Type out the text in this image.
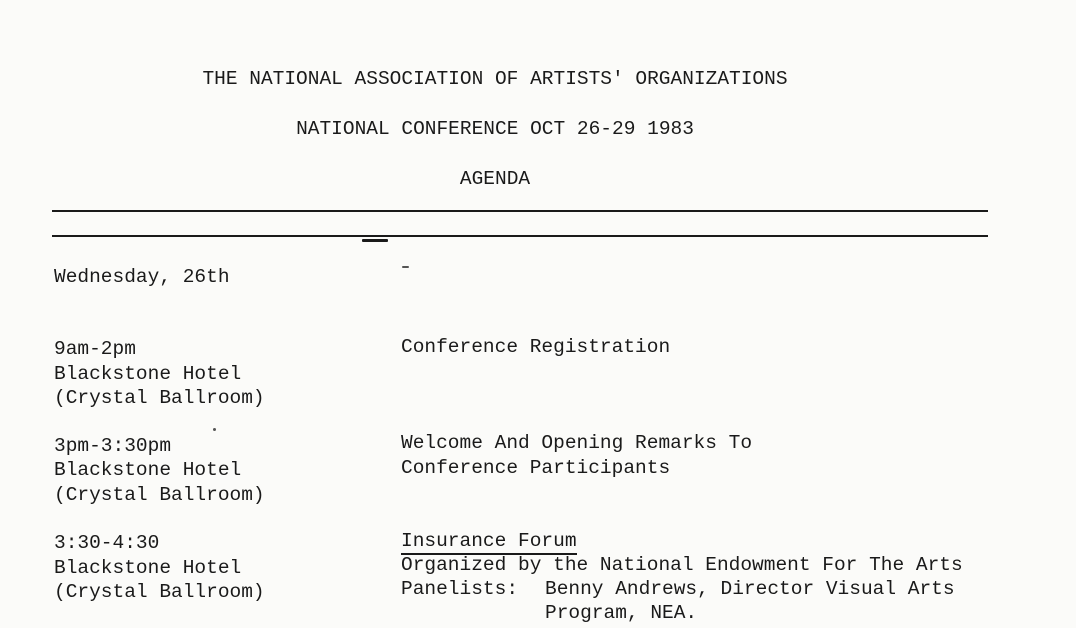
THE NATIONAL ASSOCIATION OF ARTISTS' ORGANIZATIONS
NATIONAL CONFERENCE OCT 26-29 1983
AGENDA
Wednesday, 26th
9am-2pm
Blackstone Hotel
(Crystal Ballroom)
Conference Registration
3pm-3:30pm
Blackstone Hotel
(Crystal Ballroom)
Welcome And Opening Remarks To
Conference Participants
3:30-4:30
Blackstone Hotel
(Crystal Ballroom)
Insurance Forum
Organized by the National Endowment For The Arts
Panelists: Benny Andrews, Director Visual Arts
Program, NEA.
